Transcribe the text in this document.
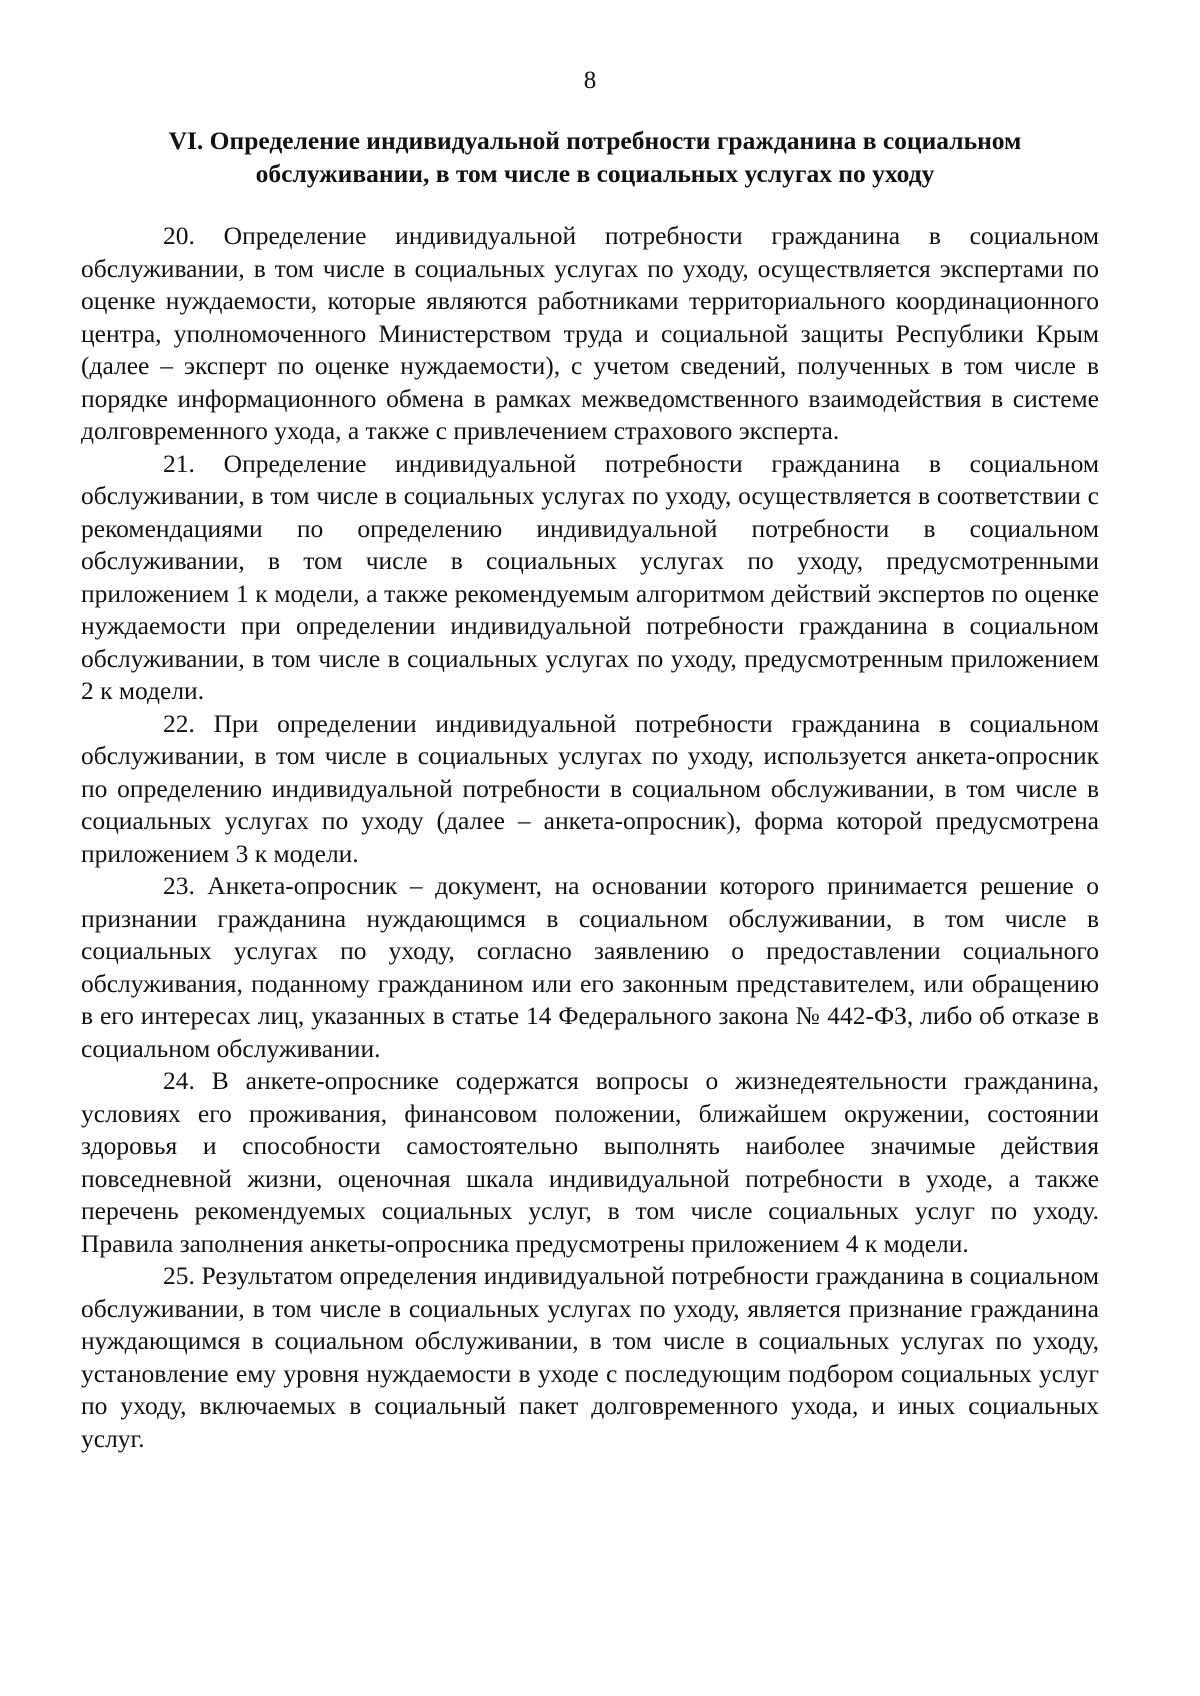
8
VI. Определение индивидуальной потребности гражданина в социальном обслуживании, в том числе в социальных услугах по уходу

20. Определение индивидуальной потребности гражданина в социальном обслуживании, в том числе в социальных услугах по уходу, осуществляется экспертами по оценке нуждаемости, которые являются работниками территориального координационного центра, уполномоченного Министерством труда и социальной защиты Республики Крым (далее – эксперт по оценке нуждаемости), с учетом сведений, полученных в том числе в порядке информационного обмена в рамках межведомственного взаимодействия в системе долговременного ухода, а также с привлечением страхового эксперта.

21. Определение индивидуальной потребности гражданина в социальном обслуживании, в том числе в социальных услугах по уходу, осуществляется в соответствии с рекомендациями по определению индивидуальной потребности в социальном обслуживании, в том числе в социальных услугах по уходу, предусмотренными приложением 1 к модели, а также рекомендуемым алгоритмом действий экспертов по оценке нуждаемости при определении индивидуальной потребности гражданина в социальном обслуживании, в том числе в социальных услугах по уходу, предусмотренным приложением 2 к модели.

22. При определении индивидуальной потребности гражданина в социальном обслуживании, в том числе в социальных услугах по уходу, используется анкета-опросник по определению индивидуальной потребности в социальном обслуживании, в том числе в социальных услугах по уходу (далее – анкета-опросник), форма которой предусмотрена приложением 3 к модели.

23. Анкета-опросник – документ, на основании которого принимается решение о признании гражданина нуждающимся в социальном обслуживании, в том числе в социальных услугах по уходу, согласно заявлению о предоставлении социального обслуживания, поданному гражданином или его законным представителем, или обращению в его интересах лиц, указанных в статье 14 Федерального закона № 442-ФЗ, либо об отказе в социальном обслуживании.

24. В анкете-опроснике содержатся вопросы о жизнедеятельности гражданина, условиях его проживания, финансовом положении, ближайшем окружении, состоянии здоровья и способности самостоятельно выполнять наиболее значимые действия повседневной жизни, оценочная шкала индивидуальной потребности в уходе, а также перечень рекомендуемых социальных услуг, в том числе социальных услуг по уходу. Правила заполнения анкеты-опросника предусмотрены приложением 4 к модели.

25. Результатом определения индивидуальной потребности гражданина в социальном обслуживании, в том числе в социальных услугах по уходу, является признание гражданина нуждающимся в социальном обслуживании, в том числе в социальных услугах по уходу, установление ему уровня нуждаемости в уходе с последующим подбором социальных услуг по уходу, включаемых в социальный пакет долговременного ухода, и иных социальных услуг.
